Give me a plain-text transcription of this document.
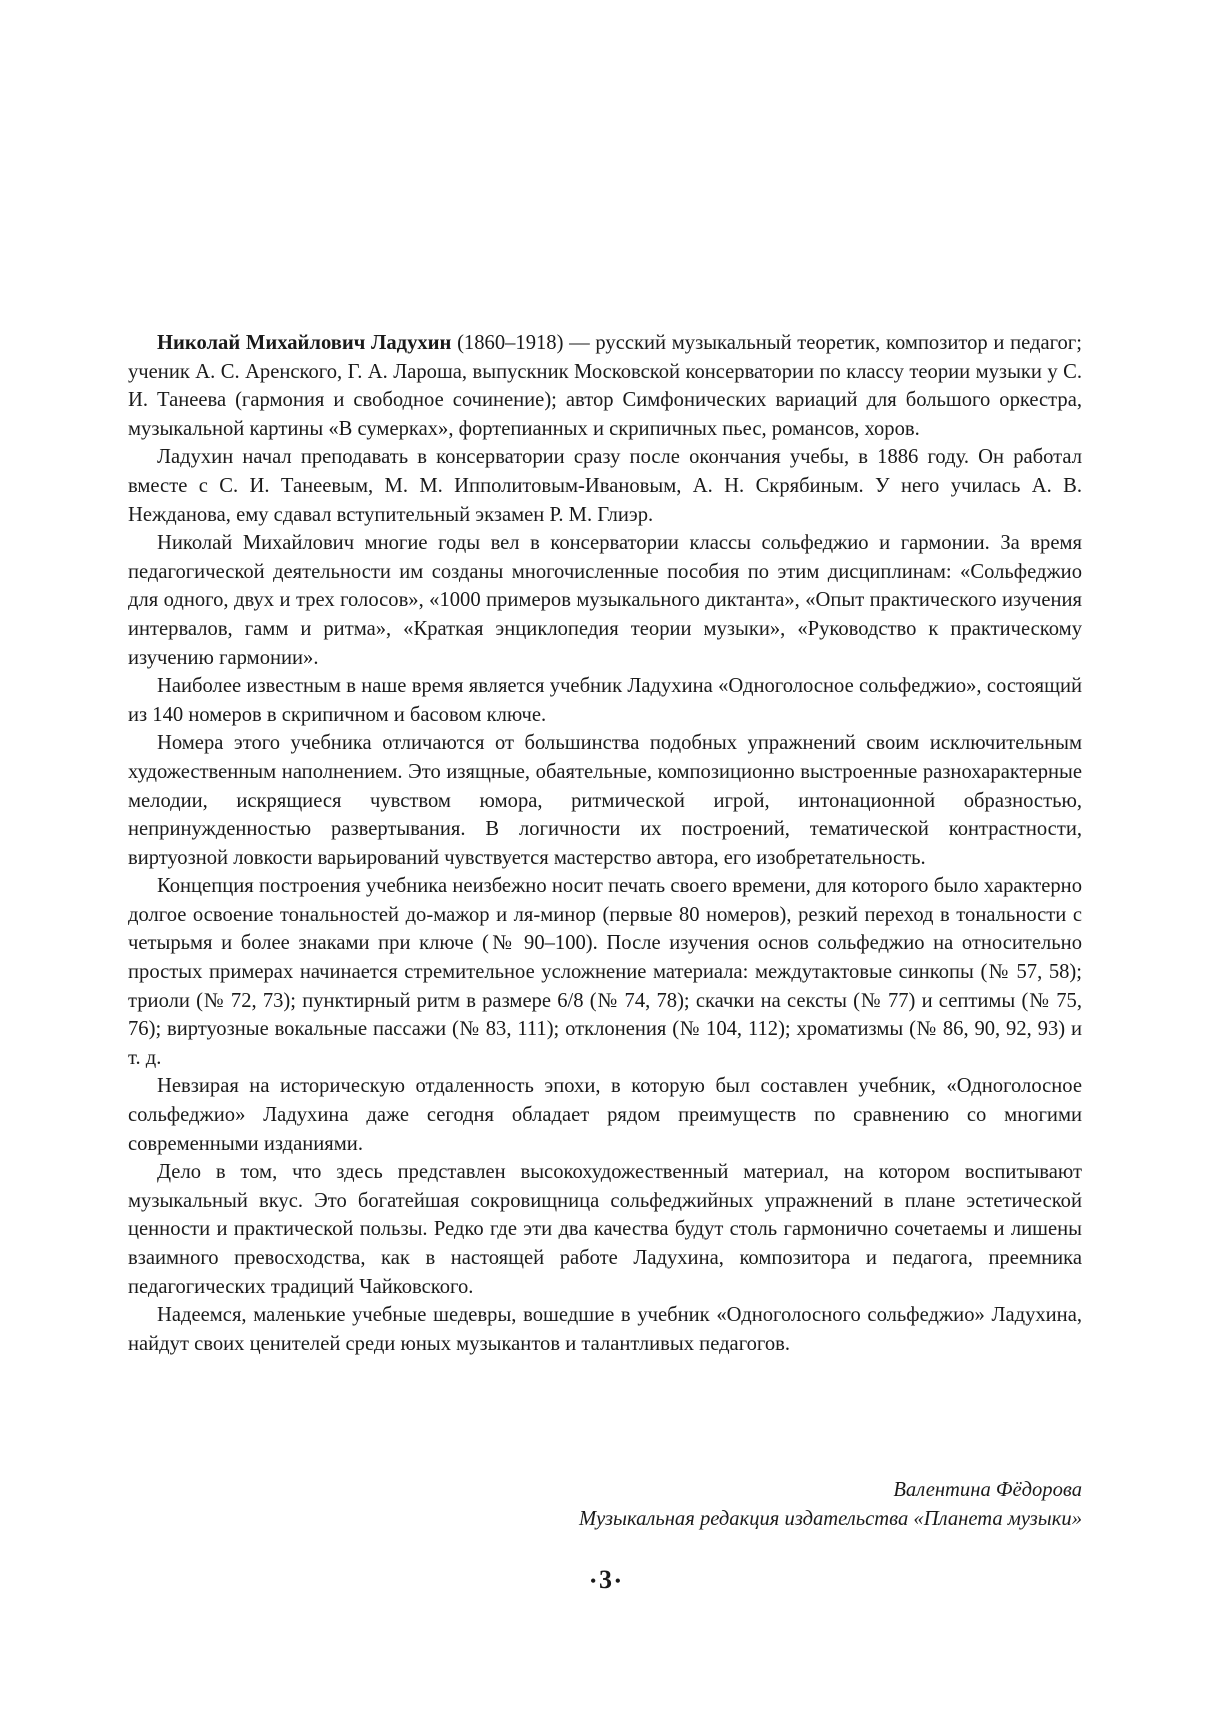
Николай Михайлович Ладухин (1860–1918) — русский музыкальный теоретик, композитор и педагог; ученик А. С. Аренского, Г. А. Лароша, выпускник Московской консерватории по классу теории музыки у С. И. Танеева (гармония и свободное сочинение); автор Симфонических вариаций для большого оркестра, музыкальной картины «В сумерках», фортепианных и скрипичных пьес, романсов, хоров.

Ладухин начал преподавать в консерватории сразу после окончания учебы, в 1886 году. Он работал вместе с С. И. Танеевым, М. М. Ипполитовым-Ивановым, А. Н. Скрябиным. У него училась А. В. Нежданова, ему сдавал вступительный экзамен Р. М. Глиэр.

Николай Михайлович многие годы вел в консерватории классы сольфеджио и гармонии. За время педагогической деятельности им созданы многочисленные пособия по этим дисциплинам: «Сольфеджио для одного, двух и трех голосов», «1000 примеров музыкального диктанта», «Опыт практического изучения интервалов, гамм и ритма», «Краткая энциклопедия теории музыки», «Руководство к практическому изучению гармонии».

Наиболее известным в наше время является учебник Ладухина «Одноголосное сольфеджио», состоящий из 140 номеров в скрипичном и басовом ключе.

Номера этого учебника отличаются от большинства подобных упражнений своим исключительным художественным наполнением. Это изящные, обаятельные, композиционно выстроенные разнохарактерные мелодии, искрящиеся чувством юмора, ритмической игрой, интонационной образностью, непринужденностью развертывания. В логичности их построений, тематической контрастности, виртуозной ловкости варьирований чувствуется мастерство автора, его изобретательность.

Концепция построения учебника неизбежно носит печать своего времени, для которого было характерно долгое освоение тональностей до-мажор и ля-минор (первые 80 номеров), резкий переход в тональности с четырьмя и более знаками при ключе (№ 90–100). После изучения основ сольфеджио на относительно простых примерах начинается стремительное усложнение материала: междутактовые синкопы (№ 57, 58); триоли (№ 72, 73); пунктирный ритм в размере 6/8 (№ 74, 78); скачки на сексты (№ 77) и септимы (№ 75, 76); виртуозные вокальные пассажи (№ 83, 111); отклонения (№ 104, 112); хроматизмы (№ 86, 90, 92, 93) и т. д.

Невзирая на историческую отдаленность эпохи, в которую был составлен учебник, «Одноголосное сольфеджио» Ладухина даже сегодня обладает рядом преимуществ по сравнению со многими современными изданиями.

Дело в том, что здесь представлен высокохудожественный материал, на котором воспитывают музыкальный вкус. Это богатейшая сокровищница сольфеджийных упражнений в плане эстетической ценности и практической пользы. Редко где эти два качества будут столь гармонично сочетаемы и лишены взаимного превосходства, как в настоящей работе Ладухина, композитора и педагога, преемника педагогических традиций Чайковского.

Надеемся, маленькие учебные шедевры, вошедшие в учебник «Одноголосного сольфеджио» Ладухина, найдут своих ценителей среди юных музыкантов и талантливых педагогов.

Валентина Фёдорова
Музыкальная редакция издательства «Планета музыки»
• 3 •
